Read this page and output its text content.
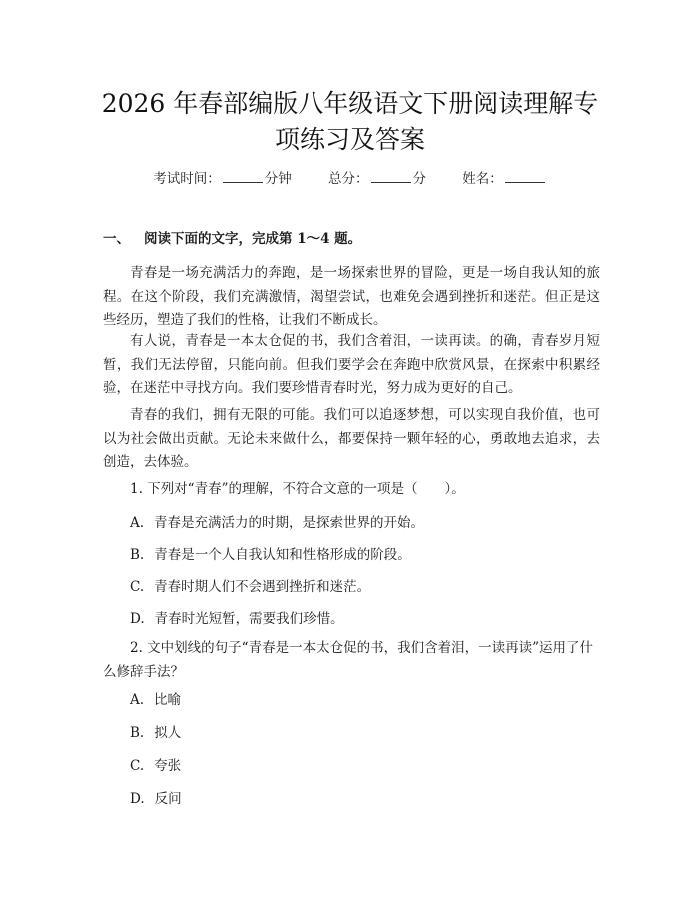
2026 年春部编版八年级语文下册阅读理解专
项练习及答案
考试时间：	分钟	总分：	分	姓名：
一、 阅读下面的文字，完成第 1～4 题。
青春是一场充满活力的奔跑，是一场探索世界的冒险，更是一场自我认知的旅程。在这个阶段，我们充满激情，渴望尝试，也难免会遇到挫折和迷茫。但正是这些经历，塑造了我们的性格，让我们不断成长。
有人说，青春是一本太仓促的书，我们含着泪，一读再读。的确，青春岁月短暂，我们无法停留，只能向前。但我们要学会在奔跑中欣赏风景，在探索中积累经验，在迷茫中寻找方向。我们要珍惜青春时光，努力成为更好的自己。
青春的我们，拥有无限的可能。我们可以追逐梦想，可以实现自我价值，也可以为社会做出贡献。无论未来做什么，都要保持一颗年轻的心，勇敢地去追求，去创造，去体验。
1. 下列对“青春”的理解，不符合文意的一项是（　　）。
A. 青春是充满活力的时期，是探索世界的开始。
B. 青春是一个人自我认知和性格形成的阶段。
C. 青春时期人们不会遇到挫折和迷茫。
D. 青春时光短暂，需要我们珍惜。
2. 文中划线的句子“青春是一本太仓促的书，我们含着泪，一读再读”运用了什么修辞手法？
A. 比喻
B. 拟人
C. 夸张
D. 反问
